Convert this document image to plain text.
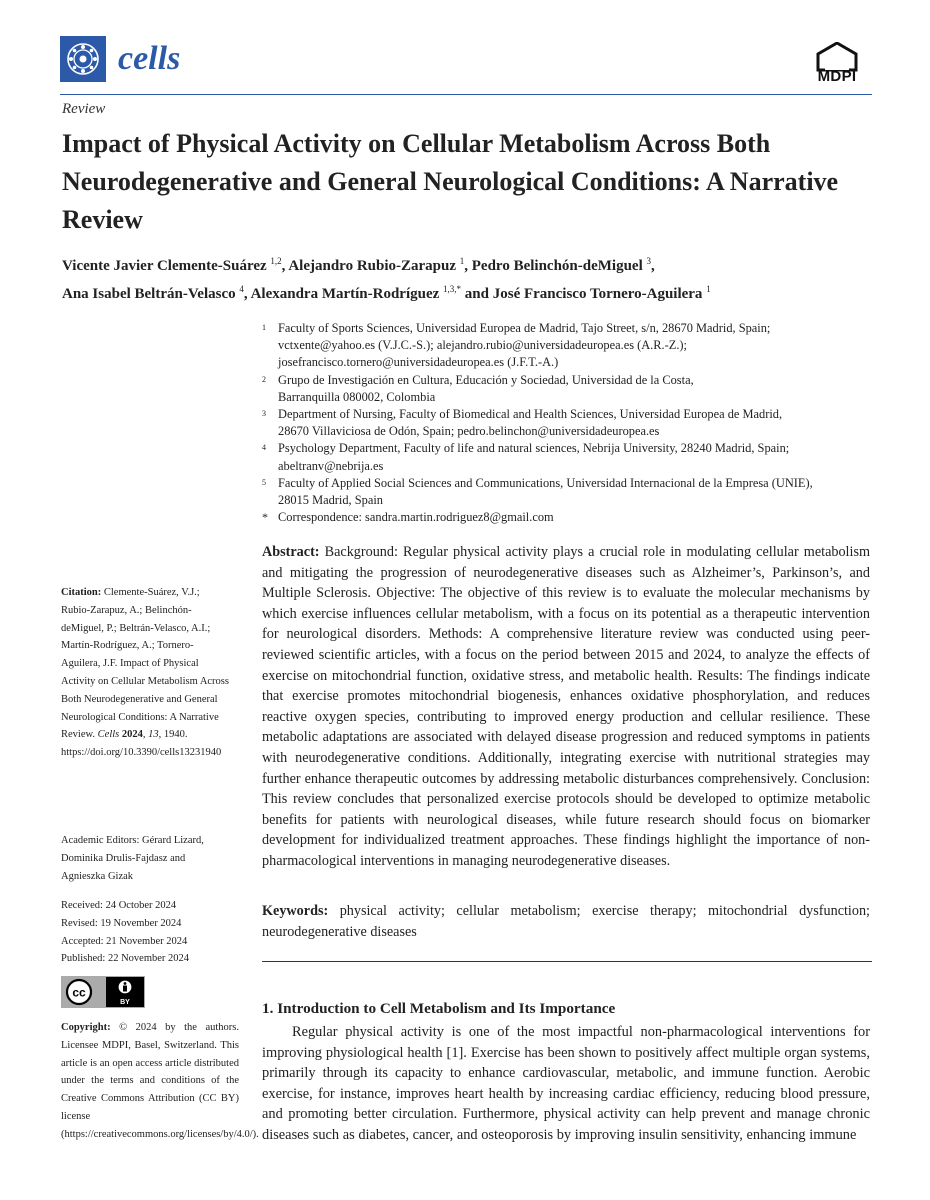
cells	MDPI
Review
Impact of Physical Activity on Cellular Metabolism Across Both Neurodegenerative and General Neurological Conditions: A Narrative Review
Vicente Javier Clemente-Suárez $^{1,2}$, Alejandro Rubio-Zarapuz $^1$, Pedro Belinchón-deMiguel $^3$,
Ana Isabel Beltrán-Velasco $^4$, Alexandra Martín-Rodríguez $^{1,3,*}$ and José Francisco Tornero-Aguilera $^1$
1 Faculty of Sports Sciences, Universidad Europea de Madrid, Tajo Street, s/n, 28670 Madrid, Spain;
vctxente@yahoo.es (V.J.C.-S.); alejandro.rubio@universidadeuropea.es (A.R.-Z.);
josefrancisco.tornero@universidadeuropea.es (J.F.T.-A.)
2 Grupo de Investigación en Cultura, Educación y Sociedad, Universidad de la Costa,
Barranquilla 080002, Colombia
3 Department of Nursing, Faculty of Biomedical and Health Sciences, Universidad Europea de Madrid,
28670 Villaviciosa de Odón, Spain; pedro.belinchon@universidadeuropea.es
4 Psychology Department, Faculty of life and natural sciences, Nebrija University, 28240 Madrid, Spain;
abeltranv@nebrija.es
5 Faculty of Applied Social Sciences and Communications, Universidad Internacional de la Empresa (UNIE),
28015 Madrid, Spain
* Correspondence: sandra.martin.rodriguez8@gmail.com
Abstract: Background: Regular physical activity plays a crucial role in modulating cellular metabolism and mitigating the progression of neurodegenerative diseases such as Alzheimer’s, Parkinson’s, and Multiple Sclerosis. Objective: The objective of this review is to evaluate the molecular mechanisms by which exercise influences cellular metabolism, with a focus on its potential as a therapeutic intervention for neurological disorders. Methods: A comprehensive literature review was conducted using peer-reviewed scientific articles, with a focus on the period between 2015 and 2024, to analyze the effects of exercise on mitochondrial function, oxidative stress, and metabolic health. Results: The findings indicate that exercise promotes mitochondrial biogenesis, enhances oxidative phosphorylation, and reduces reactive oxygen species, contributing to improved energy production and cellular resilience. These metabolic adaptations are associated with delayed disease progression and reduced symptoms in patients with neurodegenerative conditions. Additionally, integrating exercise with nutritional strategies may further enhance therapeutic outcomes by addressing metabolic disturbances comprehensively. Conclusion: This review concludes that personalized exercise protocols should be developed to optimize metabolic benefits for patients with neurological diseases, while future research should focus on biomarker development for individualized treatment approaches. These findings highlight the importance of non-pharmacological interventions in managing neurodegenerative diseases.
Keywords: physical activity; cellular metabolism; exercise therapy; mitochondrial dysfunction; neurodegenerative diseases
1. Introduction to Cell Metabolism and Its Importance
Regular physical activity is one of the most impactful non-pharmacological interventions for improving physiological health [1]. Exercise has been shown to positively affect multiple organ systems, primarily through its capacity to enhance cardiovascular, metabolic, and immune function. Aerobic exercise, for instance, improves heart health by increasing cardiac efficiency, reducing blood pressure, and promoting better circulation. Furthermore, physical activity can help prevent and manage chronic diseases such as diabetes, cancer, and osteoporosis by improving insulin sensitivity, enhancing immune
Citation: Clemente-Suárez, V.J.; Rubio-Zarapuz, A.; Belinchón-deMiguel, P.; Beltrán-Velasco, A.I.; Martín-Rodríguez, A.; Tornero-Aguilera, J.F. Impact of Physical Activity on Cellular Metabolism Across Both Neurodegenerative and General Neurological Conditions: A Narrative Review. Cells 2024, 13, 1940. https://doi.org/10.3390/cells13231940
Academic Editors: Gérard Lizard, Dominika Drulis-Fajdasz and Agnieszka Gizak
Received: 24 October 2024
Revised: 19 November 2024
Accepted: 21 November 2024
Published: 22 November 2024
cc
BY
Copyright: © 2024 by the authors. Licensee MDPI, Basel, Switzerland. This article is an open access article distributed under the terms and conditions of the Creative Commons Attribution (CC BY) license (https://creativecommons.org/licenses/by/4.0/).
